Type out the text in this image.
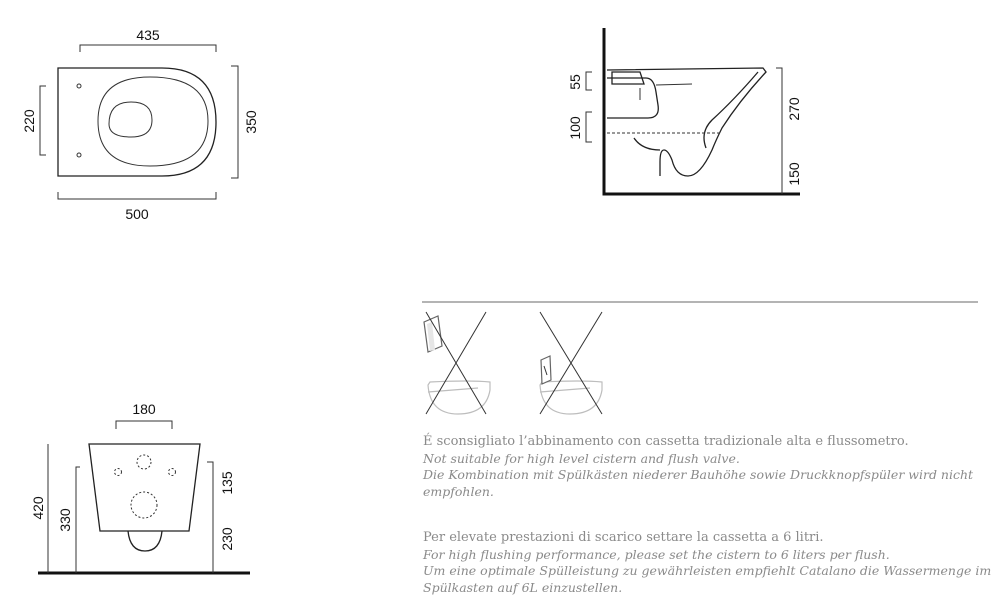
435
220	350
500
55
100
270
150
180
420
330
135
230

É sconsigliato l’abbinamento con cassetta tradizionale alta e flussometro.

Not suitable for high level cistern and flush valve.

Die Kombination mit Spülkästen niederer Bauhöhe sowie Druckknopfspüler wird nicht empfohlen.

Per elevate prestazioni di scarico settare la cassetta a 6 litri.

For high flushing performance, please set the cistern to 6 liters per flush.

Um eine optimale Spülleistung zu gewährleisten empfiehlt Catalano die Wassermenge im Spülkasten auf 6L einzustellen.
